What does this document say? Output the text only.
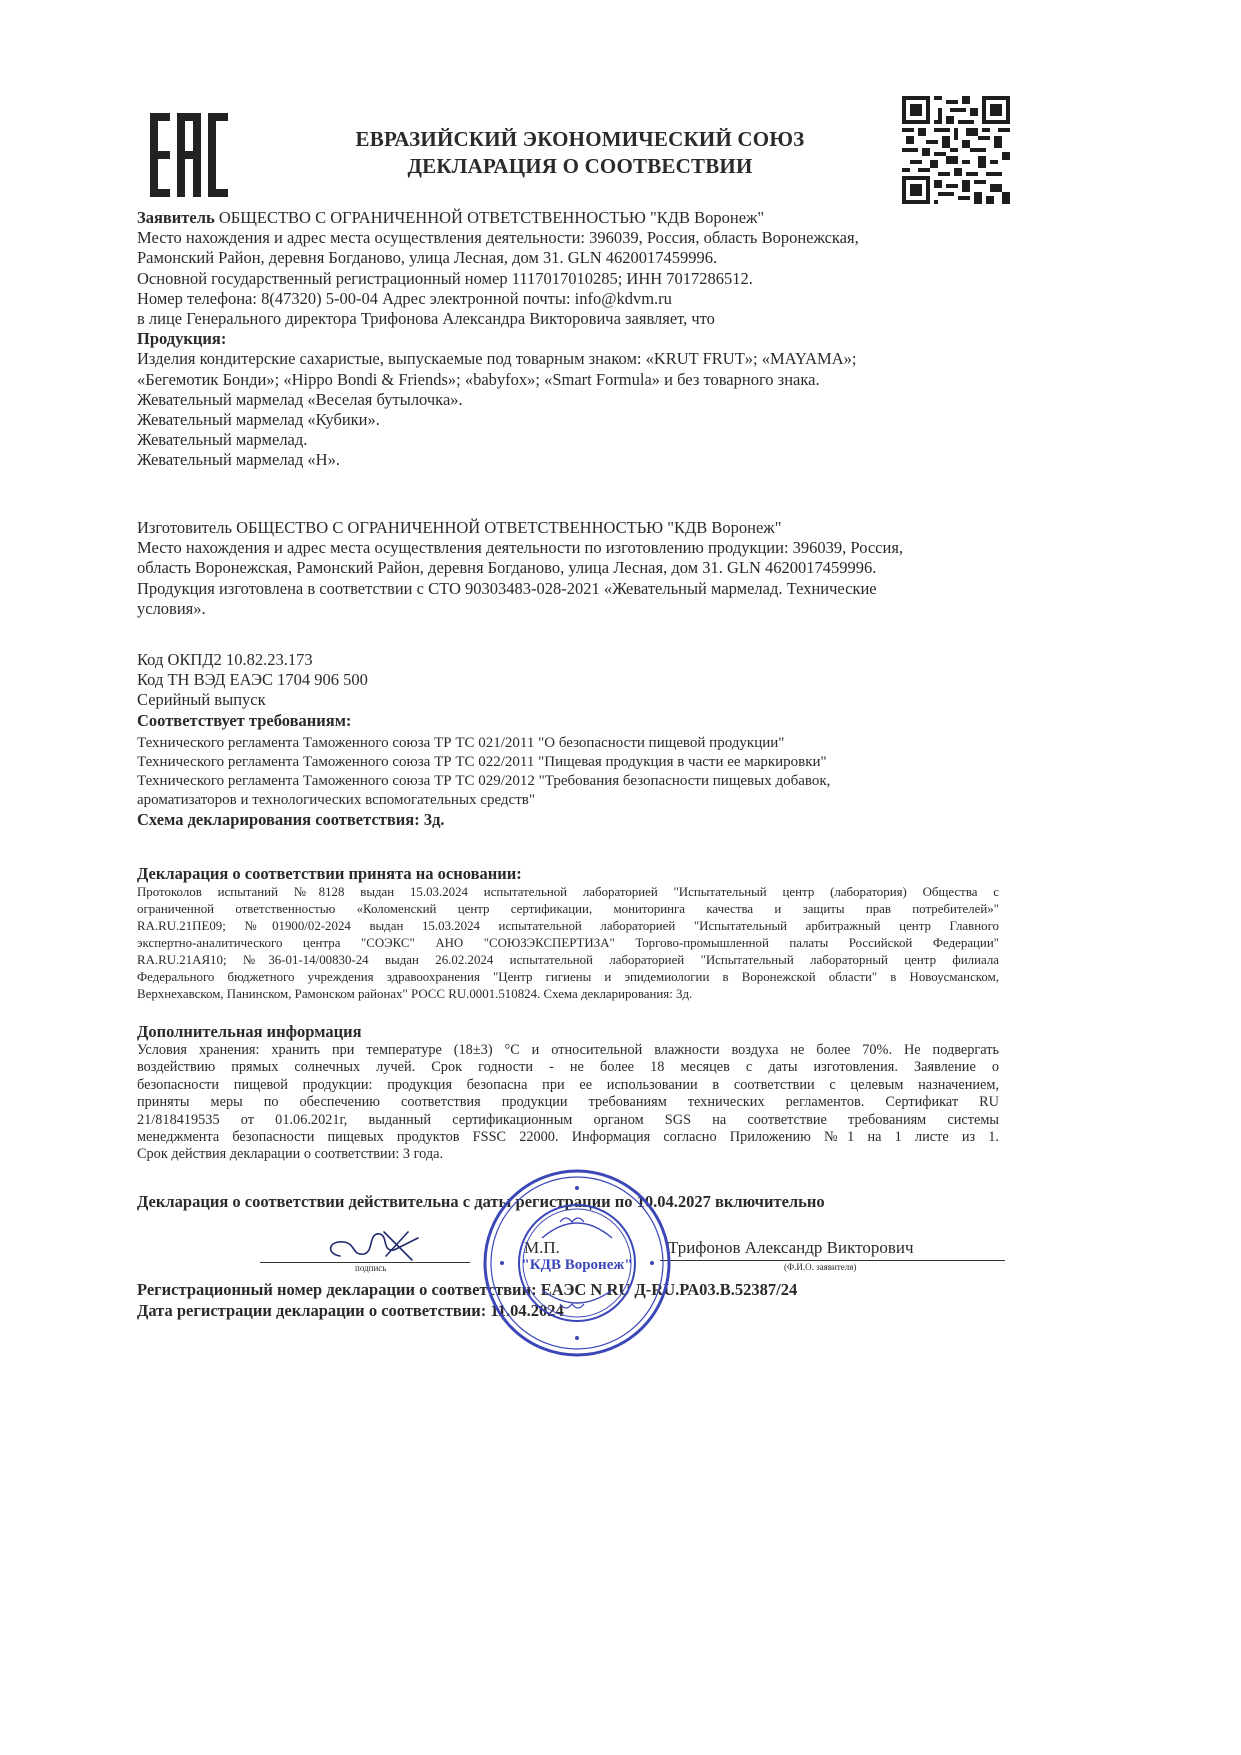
ЕВРАЗИЙСКИЙ ЭКОНОМИЧЕСКИЙ СОЮЗ
ДЕКЛАРАЦИЯ О СООТВЕСТВИИ
Заявитель ОБЩЕСТВО С ОГРАНИЧЕННОЙ ОТВЕТСТВЕННОСТЬЮ "КДВ Воронеж"
Место нахождения и адрес места осуществления деятельности: 396039, Россия, область Воронежская,
Рамонский Район, деревня Богданово, улица Лесная, дом 31. GLN 4620017459996.
Основной государственный регистрационный номер 1117017010285; ИНН 7017286512.
Номер телефона: 8(47320) 5-00-04 Адрес электронной почты: info@kdvm.ru
в лице Генерального директора Трифонова Александра Викторовича заявляет, что
Продукция:
Изделия кондитерские сахаристые, выпускаемые под товарным знаком: «KRUT FRUT»; «MAYAMA»;
«Бегемотик Бонди»; «Hippo Bondi & Friends»; «babyfox»; «Smart Formula» и без товарного знака.
Жевательный мармелад «Веселая бутылочка».
Жевательный мармелад «Кубики».
Жевательный мармелад.
Жевательный мармелад «Н».
Изготовитель ОБЩЕСТВО С ОГРАНИЧЕННОЙ ОТВЕТСТВЕННОСТЬЮ "КДВ Воронеж"
Место нахождения и адрес места осуществления деятельности по изготовлению продукции: 396039, Россия,
область Воронежская, Рамонский Район, деревня Богданово, улица Лесная, дом 31. GLN 4620017459996.
Продукция изготовлена в соответствии с СТО 90303483-028-2021 «Жевательный мармелад. Технические
условия».
Код ОКПД2 10.82.23.173
Код ТН ВЭД ЕАЭС 1704 906 500
Серийный выпуск
Соответствует требованиям:
Технического регламента Таможенного союза ТР ТС 021/2011 "О безопасности пищевой продукции"
Технического регламента Таможенного союза ТР ТС 022/2011 "Пищевая продукция в части ее маркировки"
Технического регламента Таможенного союза ТР ТС 029/2012 "Требования безопасности пищевых добавок,
ароматизаторов и технологических вспомогательных средств"
Схема декларирования соответствия: 3д.
Декларация о соответствии принята на основании:
Протоколов испытаний №8128 выдан 15.03.2024 испытательной лабораторией "Испытательный центр (лаборатория) Общества с
ограниченной ответственностью «Коломенский центр сертификации, мониторинга качества и защиты прав потребителей»"
RA.RU.21ПЕ09; №01900/02-2024 выдан 15.03.2024 испытательной лабораторией "Испытательный арбитражный центр Главного
экспертно-аналитического центра "СОЭКС" АНО "СОЮЗЭКСПЕРТИЗА" Торгово-промышленной палаты Российской Федерации"
RA.RU.21АЯ10; №36-01-14/00830-24 выдан 26.02.2024 испытательной лабораторией "Испытательный лабораторный центр филиала
Федерального бюджетного учреждения здравоохранения "Центр гигиены и эпидемиологии в Воронежской области" в Новоусманском,
Верхнехавском, Панинском, Рамонском районах" РОСС RU.0001.510824. Схема декларирования: 3д.
Дополнительная информация
Условия хранения: хранить при температуре (18±3) °C и относительной влажности воздуха не более 70%. Не подвергать
воздействию прямых солнечных лучей. Срок годности - не более 18 месяцев с даты изготовления. Заявление о
безопасности пищевой продукции: продукция безопасна при ее использовании в соответствии с целевым назначением,
приняты меры по обеспечению соответствия продукции требованиям технических регламентов. Сертификат RU
21/818419535 от 01.06.2021г, выданный сертификационным органом SGS на соответствие требованиям системы
менеджмента безопасности пищевых продуктов FSSC 22000. Информация согласно Приложению №1 на 1 листе из 1.
Срок действия декларации о соответствии: 3 года.
Декларация о соответствии действительна с даты регистрации по 10.04.2027 включительно
подпись
М.П.	Трифонов Александр Викторович
(Ф.И.О. заявителя)
Регистрационный номер декларации о соответствии: ЕАЭС N RU Д-RU.РА03.В.52387/24
Дата регистрации декларации о соответствии: 11.04.2024
"КДВ Воронеж"
